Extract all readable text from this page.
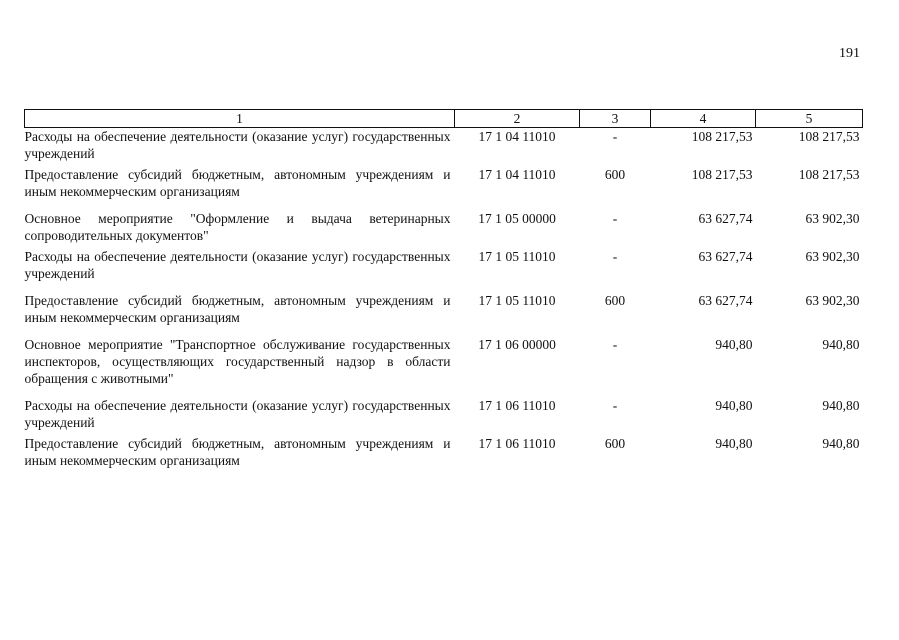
191
1	2	3	4	5
Расходы на обеспечение деятельности (оказание услуг) государственных учреждений	17 1 04 11010	-	108 217,53	108 217,53
Предоставление субсидий бюджетным, автономным учреждениям и иным некоммерческим организациям	17 1 04 11010	600	108 217,53	108 217,53
Основное мероприятие "Оформление и выдача ветеринарных сопроводительных документов"	17 1 05 00000	-	63 627,74	63 902,30
Расходы на обеспечение деятельности (оказание услуг) государственных учреждений	17 1 05 11010	-	63 627,74	63 902,30
Предоставление субсидий бюджетным, автономным учреждениям и иным некоммерческим организациям	17 1 05 11010	600	63 627,74	63 902,30
Основное мероприятие "Транспортное обслуживание государственных инспекторов, осуществляющих государственный надзор в области обращения с животными"	17 1 06 00000	-	940,80	940,80
Расходы на обеспечение деятельности (оказание услуг) государственных учреждений	17 1 06 11010	-	940,80	940,80
Предоставление субсидий бюджетным, автономным учреждениям и иным некоммерческим организациям	17 1 06 11010	600	940,80	940,80
